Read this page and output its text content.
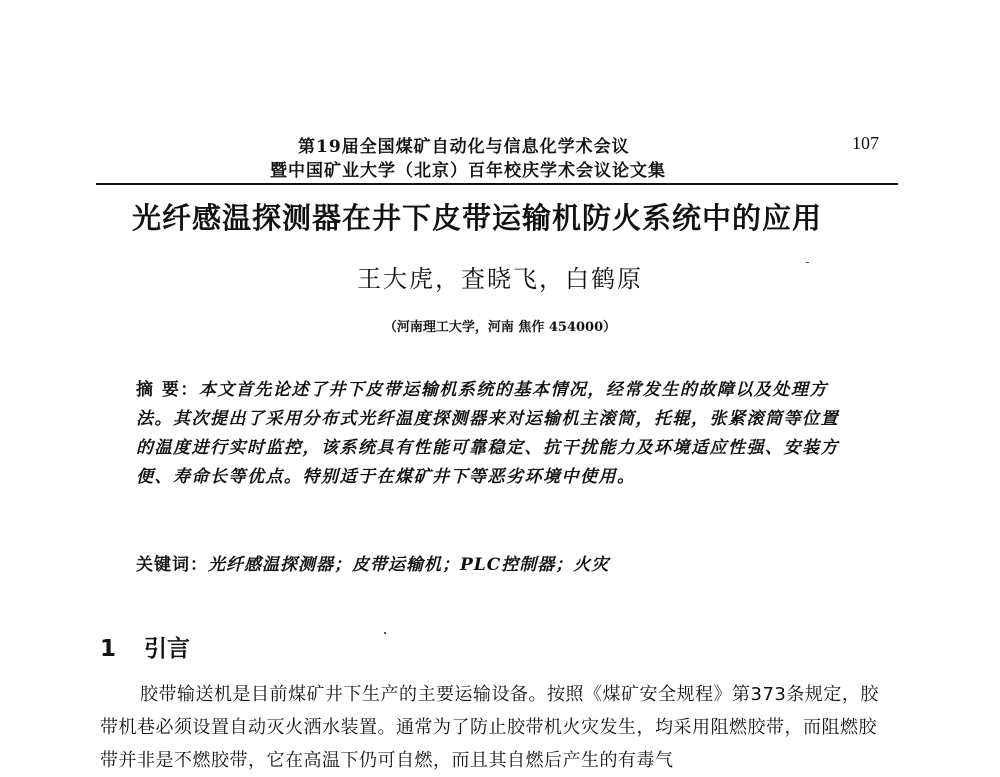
第19届全国煤矿自动化与信息化学术会议
暨中国矿业大学（北京）百年校庆学术会议论文集
107
光纤感温探测器在井下皮带运输机防火系统中的应用
王大虎，査晓飞，白鹤原
（河南理工大学，河南 焦作 454000）
摘 要：本文首先论述了井下皮带运输机系统的基本情况，经常发生的故障以及处理方法。其次提出了采用分布式光纤温度探测器来对运输机主滚筒，托辊，张紧滚筒等位置的温度进行实时监控，该系统具有性能可靠稳定、抗干扰能力及环境适应性强、安装方便、寿命长等优点。特别适于在煤矿井下等恶劣环境中使用。
关键词：光纤感温探测器；皮带运输机；PLC控制器；火灾
1 引言
胶带输送机是目前煤矿井下生产的主要运输设备。按照《煤矿安全规程》第373条规定，胶带机巷必须设置自动灭火洒水装置。通常为了防止胶带机火灾发生，均采用阻燃胶带，而阻燃胶带并非是不燃胶带，它在高温下仍可自燃，而且其自燃后产生的有毒气
